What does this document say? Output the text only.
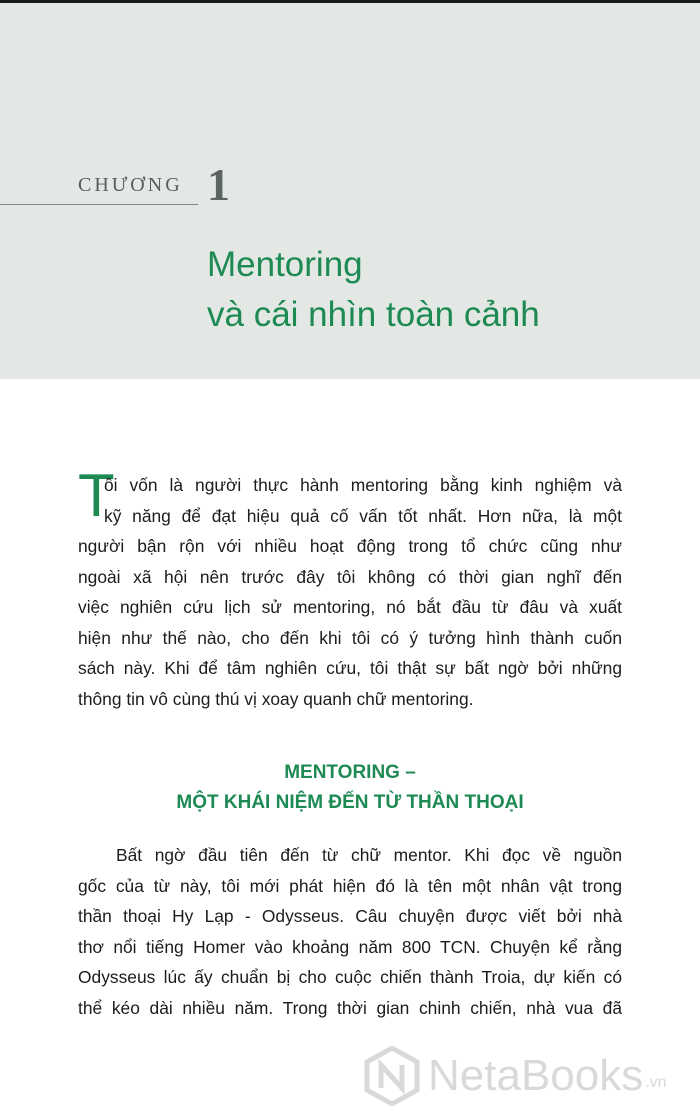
CHƯƠNG 1
Mentoring
và cái nhìn toàn cảnh
T
ôi vốn là người thực hành mentoring bằng kinh nghiệm và
kỹ năng để đạt hiệu quả cố vấn tốt nhất. Hơn nữa, là một
người bận rộn với nhiều hoạt động trong tổ chức cũng như
ngoài xã hội nên trước đây tôi không có thời gian nghĩ đến
việc nghiên cứu lịch sử mentoring, nó bắt đầu từ đâu và xuất
hiện như thế nào, cho đến khi tôi có ý tưởng hình thành cuốn
sách này. Khi để tâm nghiên cứu, tôi thật sự bất ngờ bởi những
thông tin vô cùng thú vị xoay quanh chữ mentoring.
MENTORING –
MỘT KHÁI NIỆM ĐẾN TỪ THẦN THOẠI
Bất ngờ đầu tiên đến từ chữ mentor. Khi đọc về nguồn
gốc của từ này, tôi mới phát hiện đó là tên một nhân vật trong
thần thoại Hy Lạp - Odysseus. Câu chuyện được viết bởi nhà
thơ nổi tiếng Homer vào khoảng năm 800 TCN. Chuyện kể rằng
Odysseus lúc ấy chuẩn bị cho cuộc chiến thành Troia, dự kiến có
thể kéo dài nhiều năm. Trong thời gian chinh chiến, nhà vua đã
NetaBooks .vn
